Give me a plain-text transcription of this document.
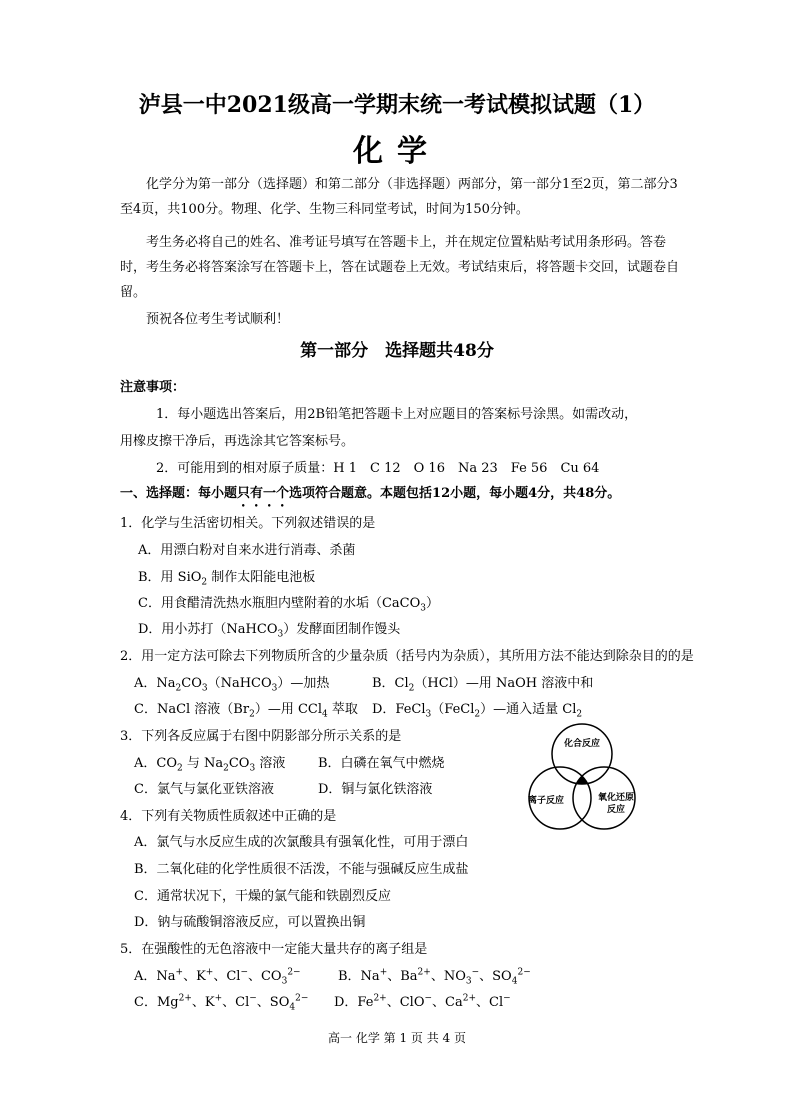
泸县一中2021级高一学期末统一考试模拟试题（1）
化学
化学分为第一部分（选择题）和第二部分（非选择题）两部分，第一部分1至2页，第二部分3至4页，共100分。物理、化学、生物三科同堂考试，时间为150分钟。
考生务必将自己的姓名、准考证号填写在答题卡上，并在规定位置粘贴考试用条形码。答卷时，考生务必将答案涂写在答题卡上，答在试题卷上无效。考试结束后，将答题卡交回，试题卷自留。
预祝各位考生考试顺利！
第一部分　选择题共48分
注意事项：
1．每小题选出答案后，用2B铅笔把答题卡上对应题目的答案标号涂黑。如需改动，
用橡皮擦干净后，再选涂其它答案标号。
2．可能用到的相对原子质量：H 1　C 12　O 16　Na 23　Fe 56　Cu 64
一、选择题：每小题只有一个选项符合题意。本题包括12小题，每小题4分，共48分。
1．化学与生活密切相关。下列叙述错误的是
A．用漂白粉对自来水进行消毒、杀菌
B．用 SiO$_2$ 制作太阳能电池板
C．用食醋清洗热水瓶胆内壁附着的水垢（CaCO$_3$）
D．用小苏打（NaHCO$_3$）发酵面团制作馒头
2．用一定方法可除去下列物质所含的少量杂质（括号内为杂质），其所用方法不能达到除杂目的的是
A．$Na_2CO_3(NaHCO_3)—$加热	B．$Cl_2(HCl)—$用 NaOH 溶液中和
C．NaCl 溶液$(Br_2)—$用 CCl$_4$ 萃取 D．FeCl$_3$（FeCl$_2$）—通入适量 $Cl_2$
3．下列各反应属于右图中阴影部分所示关系的是
A．$CO_2$ 与 $Na_2CO_3$ 溶液	B．白磷在氧气中燃烧
C．氯气与氯化亚铁溶液	D．铜与氯化铁溶液
化合反应
离子反应	氧化还原
反应
4．下列有关物质性质叙述中正确的是
A．氯气与水反应生成的次氯酸具有强氧化性，可用于漂白
B．二氧化硅的化学性质很不活泼，不能与强碱反应生成盐
C．通常状况下，干燥的氯气能和铁剧烈反应
D．钠与硫酸铜溶液反应，可以置换出铜
5．在强酸性的无色溶液中一定能大量共存的离子组是
A．Na+、K+、Cl−、$CO_3^{2-}$	B．Na+、$Ba^{2+}$、$NO_3^-$、$SO_4^{2-}$
C．$Mg^{2+}$、K+、Cl−、$SO_4^{2-}$ D．$Fe^{2+}$、ClO−、$Ca^{2+}$、Cl−
高一 化学 第 1 页 共 4 页
